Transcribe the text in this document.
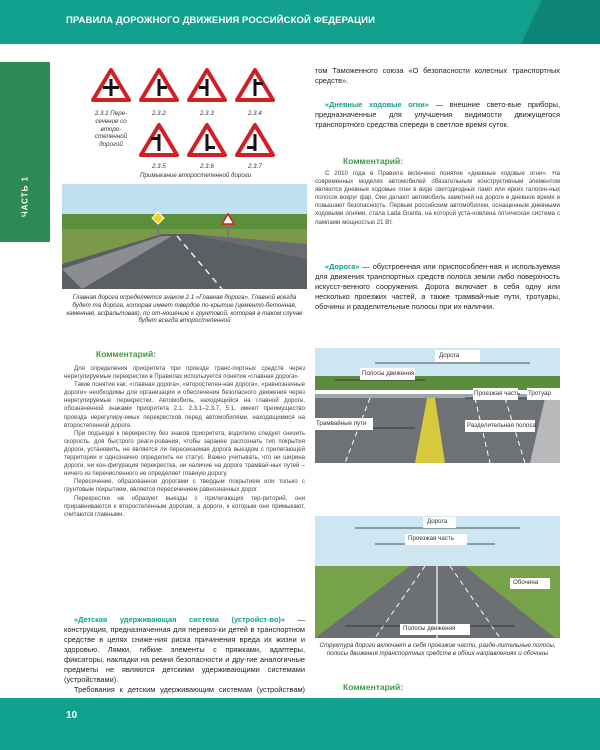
ПРАВИЛА ДОРОЖНОГО ДВИЖЕНИЯ РОССИЙСКОЙ ФЕДЕРАЦИИ
ЧАСТЬ 1
2.3.1 Пере-сечение со второ-степенной дорогой
2.3.2	2.3.3	2.3.4
2.3.5	2.3.6	2.3.7
Примыкание второстепенной дороги
Главная дорога определяется знаком 2.1 «Главная дорога». Главной всегда будет та дорога, которая имеет твердое по-крытие (цементо-бетонная, каменная, асфальтовая), по от-ношению к грунтовой, которая в таком случае будет всегда второстепенной
Комментарий:

Для определения приоритета при проезде транс-портных средств через нерегулируемые перекрестки в Правилах используется понятие «главная дорога».

Такие понятия как: «главная дорога», «второстепен-ная дорога», «равнозначные дороги» необходимы для организации и обеспечения безопасного движения через нерегулируемые перекрестки. Автомобиль, находящийся на главной дороге, обозначенной знаками приоритета 2.1, 2.3.1–2.3.7, 5.1, имеют преимущество проезда нерегулиру-емых перекрестков перед автомобилями, находящимися на второстепенной дороге.

При подъезде к перекрестку без знаков приоритета, водителю следует снизить скорость, для быстрого реаги-рования, чтобы заранее распознать тип покрытия дороги, установить, не является ли пересекаемая дорога выездом с прилегающей территории и однозначно определить ее статус. Важно учитывать, что ни ширина дороги, ни кон-фигурация перекрестка, ни наличие на дороге трамвай-ных путей – ничего из перечисленного не определяет главную дорогу.

Пересечение, образованное дорогами с твердым покрытием или только с грунтовым покрытием, является пересечением равнозначных дорог.

Перекрестки не образуют выезды с прилегающих тер-риторий, они приравниваются к второстепенным дорогам, а дороги, к которым они примыкают, считаются главными.

«Детская удерживающая система (устройст-во)» — конструкция, предназначенная для перевоз-ки детей в транспортном средстве в целях сниже-ния риска причинения вреда их жизни и здоровью. Лямки, гибкие элементы с пряжками, адаптеры, фиксаторы, накладки на ремни безопасности и дру-гие аналогичные предметы не являются детскими удерживающими системами (устройствами).

Требования к детским удерживающим системам (устройствам)

том Таможенного союза «О безопасности колесных транспортных средств».

«Дневные ходовые огни» — внешние свето-вые приборы, предназначенные для улучшения видимости движущегося транспортного средства спереди в светлое время суток.

Комментарий:

С 2010 года в Правила включено понятие «дневные ходовые огни». На современных моделях автомобилей обязательным конструктивным элементом являются дневные ходовые огни в виде светодиодных ламп или ярких галоген-ных полосок вокруг фар. Они делают автомобиль заметней на дороге в дневное время и повышают безопасность. Первым российским автомобилем, оснащенным дневными ходовыми огнями, стала Lada Granta, на которой уста-новлена оптическая система с лампами мощностью 21 Вт.

«Дорога» — обустроенная или приспособлен-ная и используемая для движения транспортных средств полоса земли либо поверхность искусст-венного сооружения. Дорога включает в себя одну или несколько проезжих частей, а также трамвай-ные пути, тротуары, обочины и разделительные полосы при их наличии.

Дорога
Полосы движения
Проезжая часть Тротуар
Трамвайные пути	Разделительная полоса
Дорога
Проезжая часть
Обочина
Полосы движения
Структура дороги включает в себя проезжие части, разде-лительные полосы, полосы движения транспортных средств в обоих направлениях и обочины
Комментарий:

10
